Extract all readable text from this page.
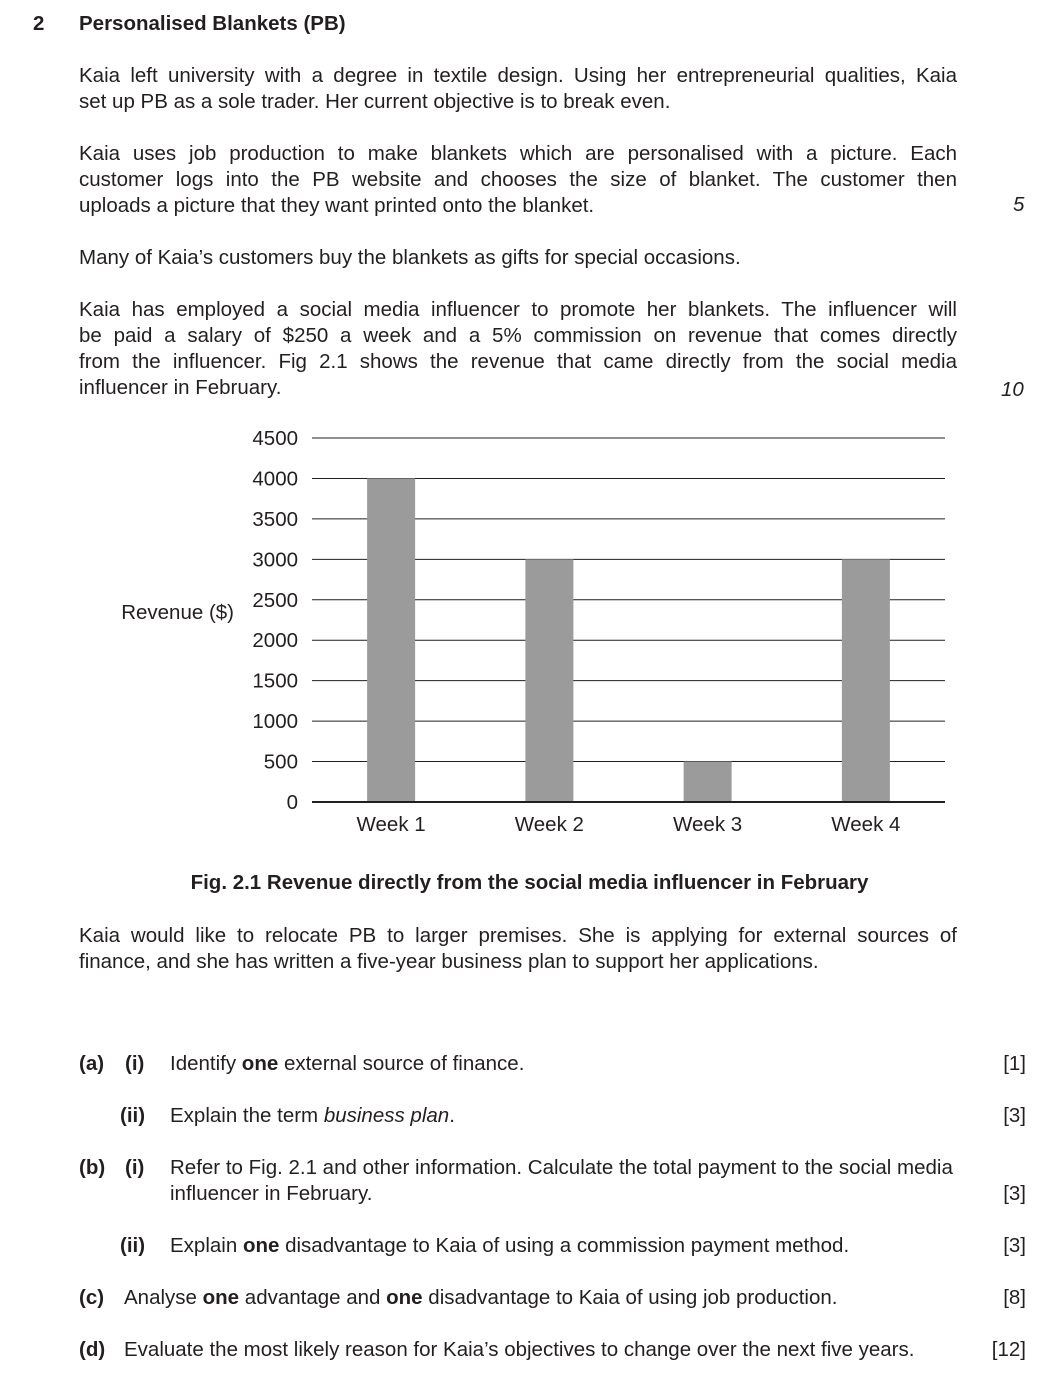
2 Personalised Blankets (PB)
Kaia left university with a degree in textile design. Using her entrepreneurial qualities, Kaia
set up PB as a sole trader. Her current objective is to break even.
Kaia uses job production to make blankets which are personalised with a picture. Each
customer logs into the PB website and chooses the size of blanket. The customer then
uploads a picture that they want printed onto the blanket.	5
Many of Kaia’s customers buy the blankets as gifts for special occasions.
Kaia has employed a social media influencer to promote her blankets. The influencer will
be paid a salary of $250 a week and a 5% commission on revenue that comes directly
from the influencer. Fig 2.1 shows the revenue that came directly from the social media
influencer in February.	10
Revenue ($)
0
500
1000
1500
2000
2500
3000
3500
4000
4500
Week 1	Week 2	Week 3	Week 4
Fig. 2.1 Revenue directly from the social media influencer in February
Kaia would like to relocate PB to larger premises. She is applying for external sources of
finance, and she has written a five-year business plan to support her applications.
(a) (i) Identify one external source of finance.	[1]
(ii) Explain the term business plan.	[3]
(b) (i) Refer to Fig. 2.1 and other information. Calculate the total payment to the social media
influencer in February.	[3]
(ii) Explain one disadvantage to Kaia of using a commission payment method.	[3]
(c) Analyse one advantage and one disadvantage to Kaia of using job production.	[8]
(d) Evaluate the most likely reason for Kaia’s objectives to change over the next five years.	[12]
